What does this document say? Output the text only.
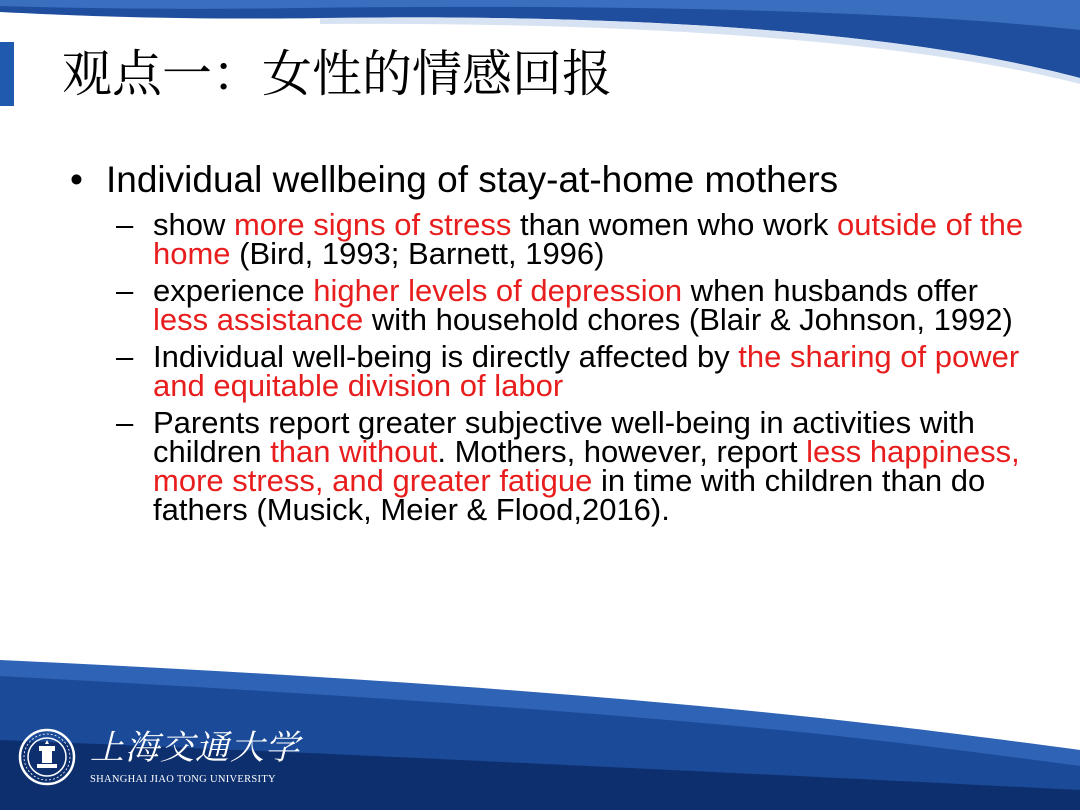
观点一：女性的情感回报
• Individual wellbeing of stay-at-home mothers
– show more signs of stress than women who work outside of the home (Bird, 1993; Barnett, 1996)
– experience higher levels of depression when husbands offer less assistance with household chores (Blair & Johnson, 1992)
– Individual well-being is directly affected by the sharing of power and equitable division of labor
– Parents report greater subjective well-being in activities with children than without. Mothers, however, report less happiness, more stress, and greater fatigue in time with children than do fathers (Musick, Meier & Flood,2016).
上海交通大学
SHANGHAI JIAO TONG UNIVERSITY
